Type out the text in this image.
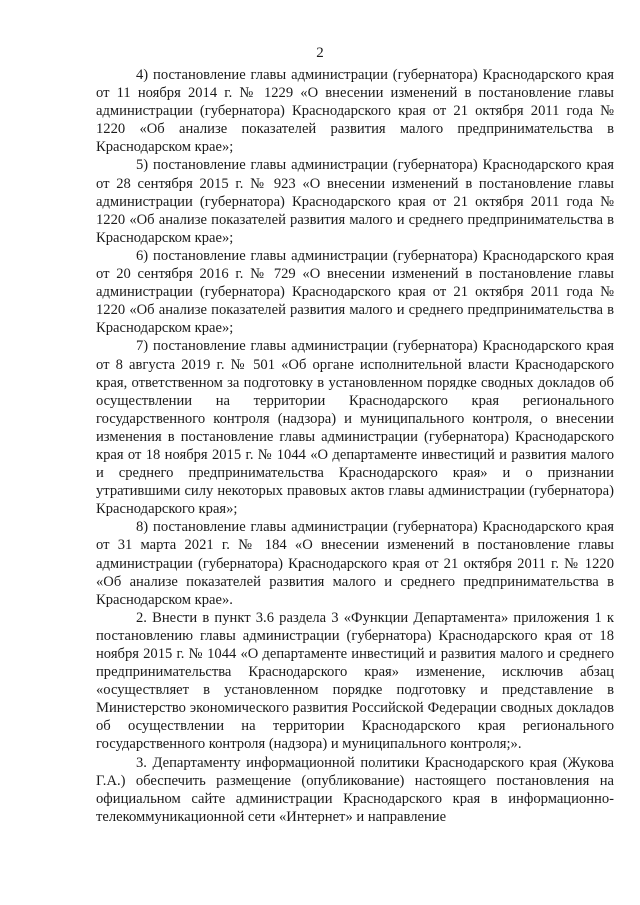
2

4) постановление главы администрации (губернатора) Краснодарского края от 11 ноября 2014 г. № 1229 «О внесении изменений в постановление главы администрации (губернатора) Краснодарского края от 21 октября 2011 года № 1220 «Об анализе показателей развития малого предпринимательства в Краснодарском крае»;

5) постановление главы администрации (губернатора) Краснодарского края от 28 сентября 2015 г. № 923 «О внесении изменений в постановление главы администрации (губернатора) Краснодарского края от 21 октября 2011 года № 1220 «Об анализе показателей развития малого и среднего предпринимательства в Краснодарском крае»;

6) постановление главы администрации (губернатора) Краснодарского края от 20 сентября 2016 г. № 729 «О внесении изменений в постановление главы администрации (губернатора) Краснодарского края от 21 октября 2011 года № 1220 «Об анализе показателей развития малого и среднего предпринимательства в Краснодарском крае»;

7) постановление главы администрации (губернатора) Краснодарского края от 8 августа 2019 г. № 501 «Об органе исполнительной власти Краснодарского края, ответственном за подготовку в установленном порядке сводных докладов об осуществлении на территории Краснодарского края регионального государственного контроля (надзора) и муниципального контроля, о внесении изменения в постановление главы администрации (губернатора) Краснодарского края от 18 ноября 2015 г. № 1044 «О департаменте инвестиций и развития малого и среднего предпринимательства Краснодарского края» и о признании утратившими силу некоторых правовых актов главы администрации (губернатора) Краснодарского края»;

8) постановление главы администрации (губернатора) Краснодарского края от 31 марта 2021 г. № 184 «О внесении изменений в постановление главы администрации (губернатора) Краснодарского края от 21 октября 2011 г. № 1220 «Об анализе показателей развития малого и среднего предпринимательства в Краснодарском крае».

2. Внести в пункт 3.6 раздела 3 «Функции Департамента» приложения 1 к постановлению главы администрации (губернатора) Краснодарского края от 18 ноября 2015 г. № 1044 «О департаменте инвестиций и развития малого и среднего предпринимательства Краснодарского края» изменение, исключив абзац «осуществляет в установленном порядке подготовку и представление в Министерство экономического развития Российской Федерации сводных докладов об осуществлении на территории Краснодарского края регионального государственного контроля (надзора) и муниципального контроля;».

3. Департаменту информационной политики Краснодарского края (Жукова Г.А.) обеспечить размещение (опубликование) настоящего постановления на официальном сайте администрации Краснодарского края в информационно-телекоммуникационной сети «Интернет» и направление
